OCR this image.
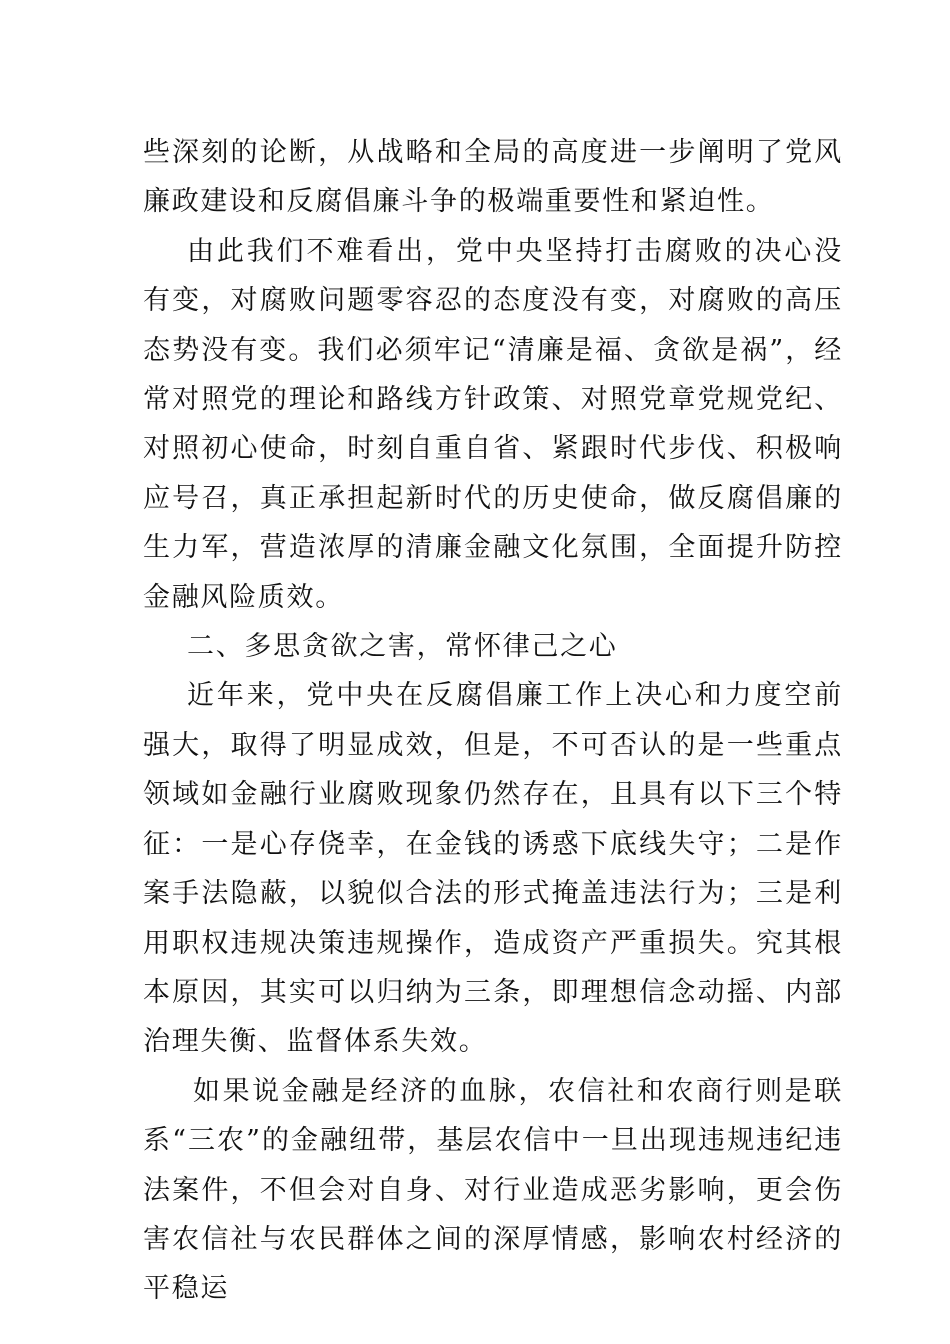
些深刻的论断，从战略和全局的高度进一步阐明了党风廉政建设和反腐倡廉斗争的极端重要性和紧迫性。

由此我们不难看出，党中央坚持打击腐败的决心没有变，对腐败问题零容忍的态度没有变，对腐败的高压态势没有变。我们必须牢记“清廉是福、贪欲是祸”，经常对照党的理论和路线方针政策、对照党章党规党纪、对照初心使命，时刻自重自省、紧跟时代步伐、积极响应号召，真正承担起新时代的历史使命，做反腐倡廉的生力军，营造浓厚的清廉金融文化氛围，全面提升防控金融风险质效。

二、多思贪欲之害，常怀律己之心

近年来，党中央在反腐倡廉工作上决心和力度空前强大，取得了明显成效，但是，不可否认的是一些重点领域如金融行业腐败现象仍然存在，且具有以下三个特征：一是心存侥幸，在金钱的诱惑下底线失守；二是作案手法隐蔽，以貌似合法的形式掩盖违法行为；三是利用职权违规决策违规操作，造成资产严重损失。究其根本原因，其实可以归纳为三条，即理想信念动摇、内部治理失衡、监督体系失效。

如果说金融是经济的血脉，农信社和农商行则是联系“三农”的金融纽带，基层农信中一旦出现违规违纪违法案件，不但会对自身、对行业造成恶劣影响，更会伤害农信社与农民群体之间的深厚情感，影响农村经济的平稳运
